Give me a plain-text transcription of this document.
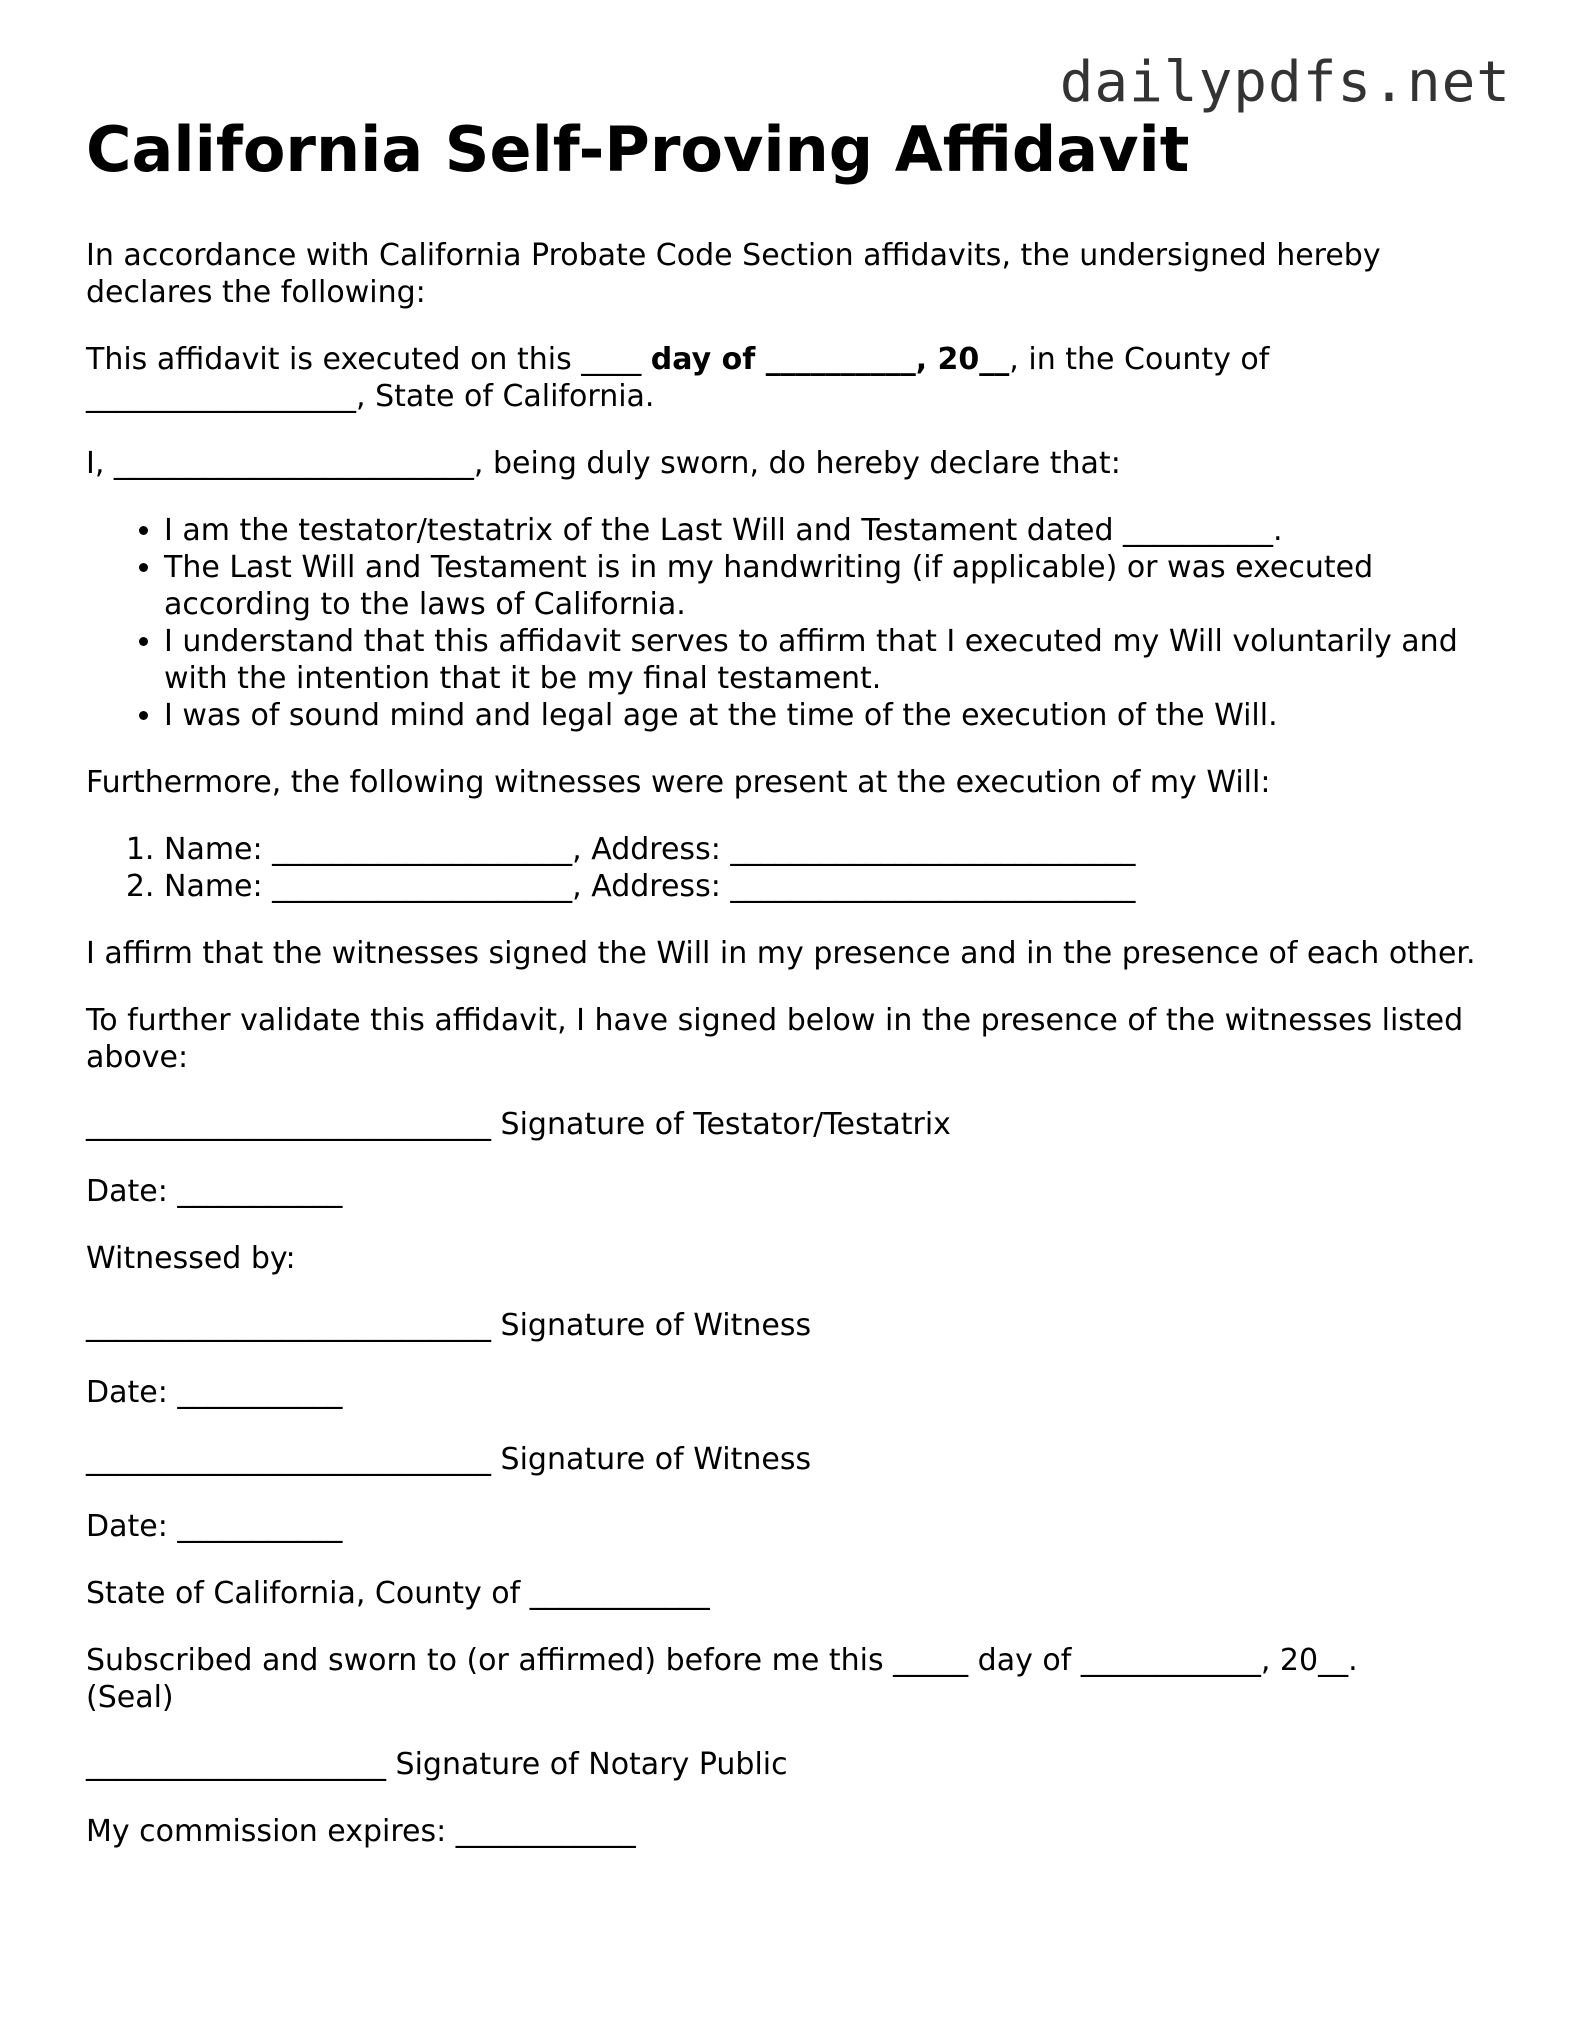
dailypdfs.net
California Self-Proving Affidavit

In accordance with California Probate Code Section affidavits, the undersigned hereby declares the following:

This affidavit is executed on this ____ day of __________, 20__, in the County of __________________, State of California.

I, ________________________, being duly sworn, do hereby declare that:

• I am the testator/testatrix of the Last Will and Testament dated __________.
• The Last Will and Testament is in my handwriting (if applicable) or was executed according to the laws of California.
• I understand that this affidavit serves to affirm that I executed my Will voluntarily and with the intention that it be my final testament.
• I was of sound mind and legal age at the time of the execution of the Will.

Furthermore, the following witnesses were present at the execution of my Will:

1. Name: ____________________, Address: ___________________________
2. Name: ____________________, Address: ___________________________

I affirm that the witnesses signed the Will in my presence and in the presence of each other.

To further validate this affidavit, I have signed below in the presence of the witnesses listed above:

___________________________ Signature of Testator/Testatrix

Date: ___________

Witnessed by:

___________________________ Signature of Witness

Date: ___________

___________________________ Signature of Witness

Date: ___________

State of California, County of ____________

Subscribed and sworn to (or affirmed) before me this _____ day of ____________, 20__.

(Seal)

____________________ Signature of Notary Public

My commission expires: ____________
